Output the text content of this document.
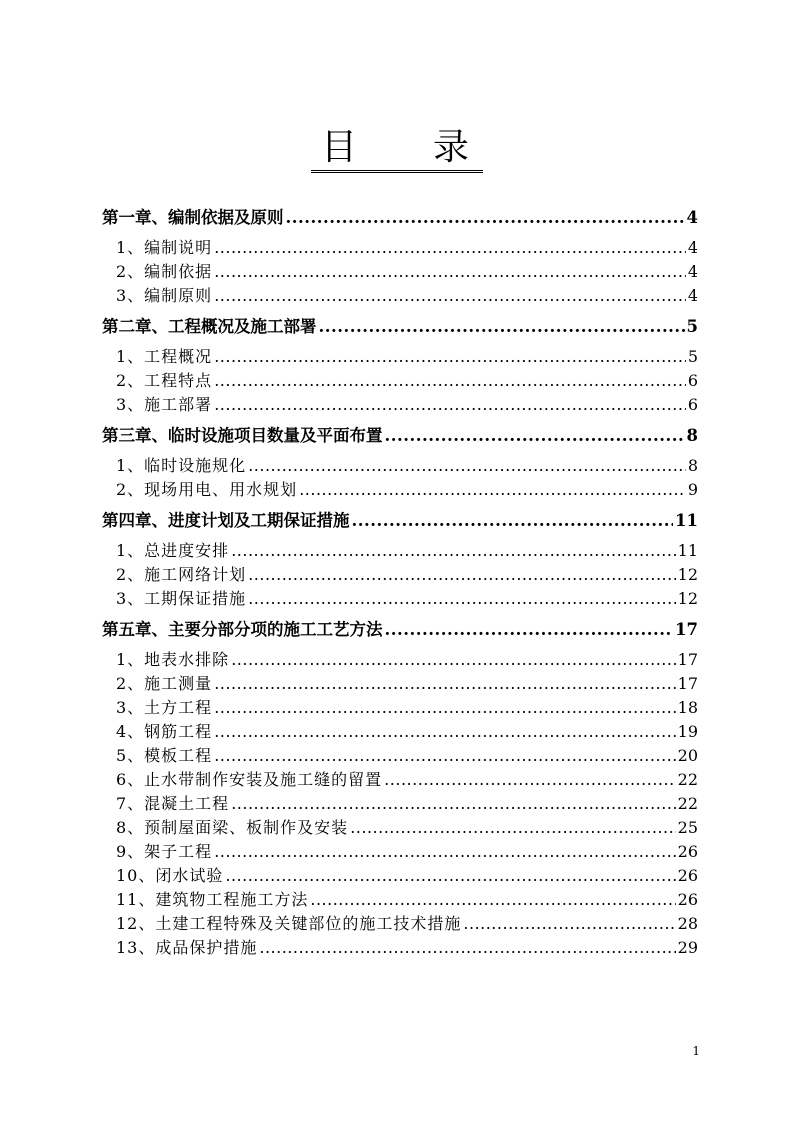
目 录
第一章、编制依据及原则 .....	4
1、编制说明 .....	4
2、编制依据 .....	4
3、编制原则 .....	4
第二章、工程概况及施工部署 .....	5
1、工程概况 .....	5
2、工程特点 .....	6
3、施工部署 .....	6
第三章、临时设施项目数量及平面布置 .....	8
1、临时设施规化 .....	8
2、现场用电、用水规划 .....	9
第四章、进度计划及工期保证措施 .....	11
1、总进度安排 .....	11
2、施工网络计划 .....	12
3、工期保证措施 .....	12
第五章、主要分部分项的施工工艺方法 .....	17
1、地表水排除 .....	17
2、施工测量 .....	17
3、土方工程 .....	18
4、钢筋工程 .....	19
5、模板工程 .....	20
6、止水带制作安装及施工缝的留置 .....	22
7、混凝土工程 .....	22
8、预制屋面梁、板制作及安装 .....	25
9、架子工程 .....	26
10、闭水试验 .....	26
11、建筑物工程施工方法 .....	26
12、土建工程特殊及关键部位的施工技术措施 .....	28
13、成品保护措施 .....	29
1
